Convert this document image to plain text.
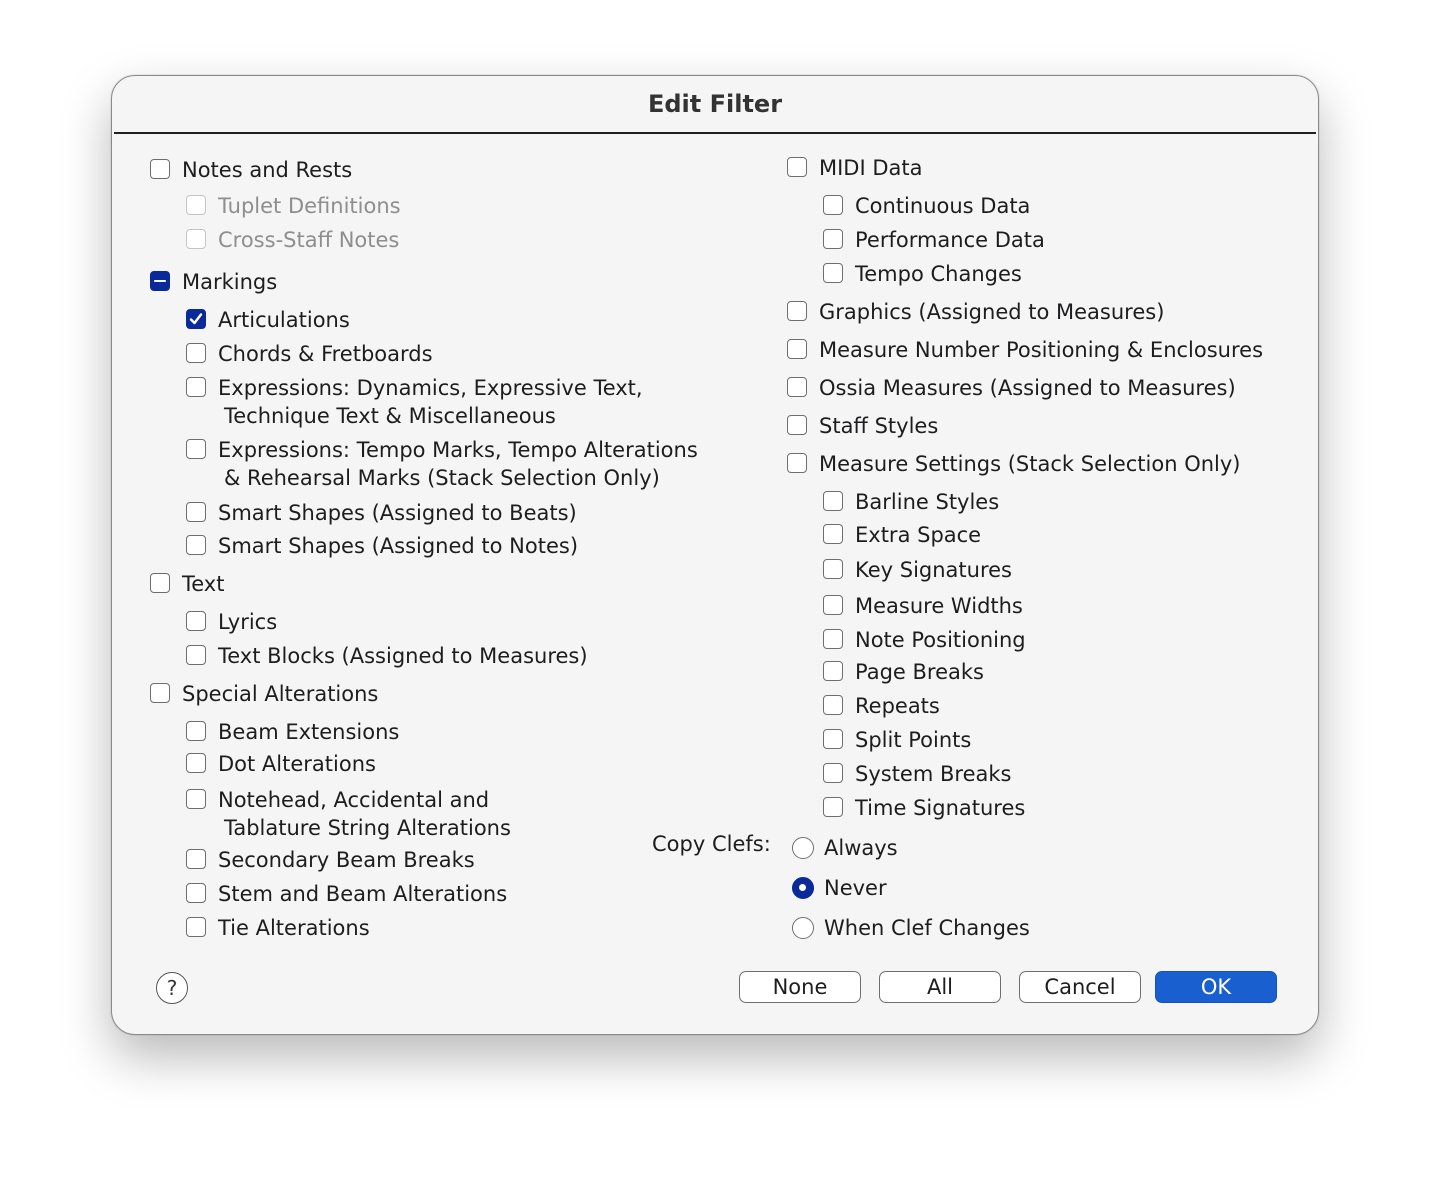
Edit Filter
Notes and Rests
Tuplet Definitions
Cross-Staff Notes
Markings
Articulations
Chords & Fretboards
Expressions: Dynamics, Expressive Text,
Technique Text & Miscellaneous
Expressions: Tempo Marks, Tempo Alterations
& Rehearsal Marks (Stack Selection Only)
Smart Shapes (Assigned to Beats)
Smart Shapes (Assigned to Notes)
Text
Lyrics
Text Blocks (Assigned to Measures)
Special Alterations
Beam Extensions
Dot Alterations
Notehead, Accidental and
Tablature String Alterations
Secondary Beam Breaks
Stem and Beam Alterations
Tie Alterations
MIDI Data
Continuous Data
Performance Data
Tempo Changes
Graphics (Assigned to Measures)
Measure Number Positioning & Enclosures
Ossia Measures (Assigned to Measures)
Staff Styles
Measure Settings (Stack Selection Only)
Barline Styles
Extra Space
Key Signatures
Measure Widths
Note Positioning
Page Breaks
Repeats
Split Points
System Breaks
Time Signatures
Copy Clefs:	Always
Never
When Clef Changes
?	None	All	Cancel	OK
